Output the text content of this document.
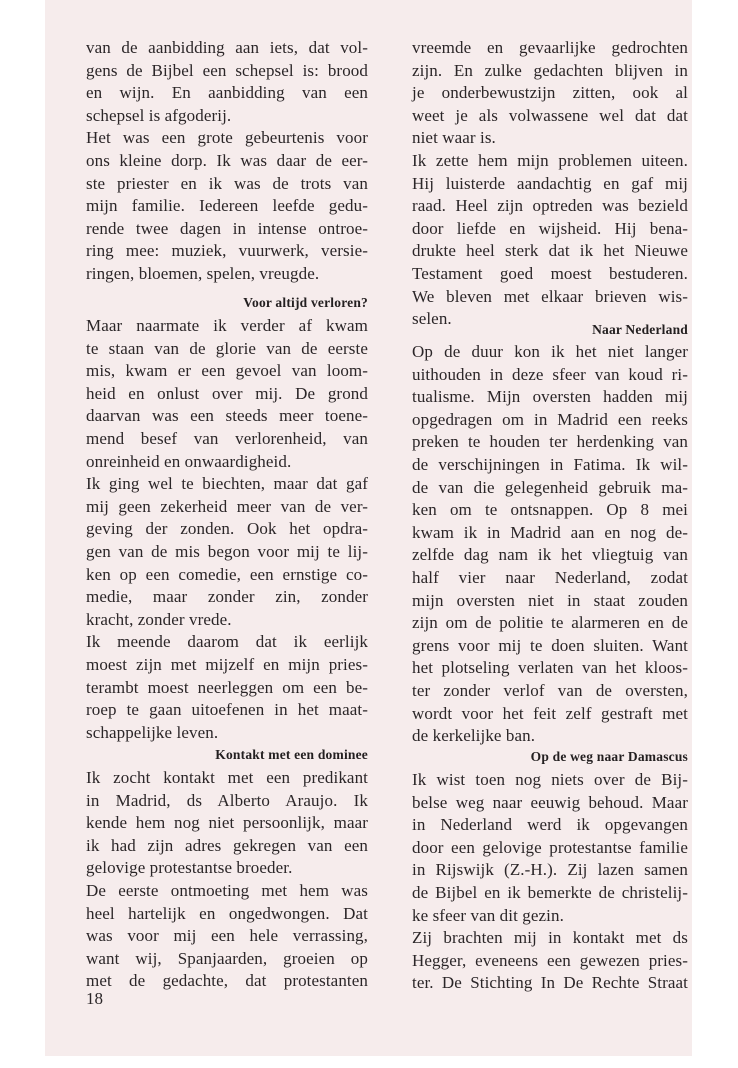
van de aanbidding aan iets, dat vol-
gens de Bijbel een schepsel is: brood
en wijn. En aanbidding van een
schepsel is afgoderij.
Het was een grote gebeurtenis voor
ons kleine dorp. Ik was daar de eer-
ste priester en ik was de trots van
mijn familie. Iedereen leefde gedu-
rende twee dagen in intense ontroe-
ring mee: muziek, vuurwerk, versie-
ringen, bloemen, spelen, vreugde.
Voor altijd verloren?
Maar naarmate ik verder af kwam
te staan van de glorie van de eerste
mis, kwam er een gevoel van loom-
heid en onlust over mij. De grond
daarvan was een steeds meer toene-
mend besef van verlorenheid, van
onreinheid en onwaardigheid.
Ik ging wel te biechten, maar dat gaf
mij geen zekerheid meer van de ver-
geving der zonden. Ook het opdra-
gen van de mis begon voor mij te lij-
ken op een comedie, een ernstige co-
medie, maar zonder zin, zonder
kracht, zonder vrede.
Ik meende daarom dat ik eerlijk
moest zijn met mijzelf en mijn pries-
terambt moest neerleggen om een be-
roep te gaan uitoefenen in het maat-
schappelijke leven.
Kontakt met een dominee
Ik zocht kontakt met een predikant
in Madrid, ds Alberto Araujo. Ik
kende hem nog niet persoonlijk, maar
ik had zijn adres gekregen van een
gelovige protestantse broeder.
De eerste ontmoeting met hem was
heel hartelijk en ongedwongen. Dat
was voor mij een hele verrassing,
want wij, Spanjaarden, groeien op
met de gedachte, dat protestanten
18
vreemde en gevaarlijke gedrochten
zijn. En zulke gedachten blijven in
je onderbewustzijn zitten, ook al
weet je als volwassene wel dat dat
niet waar is.
Ik zette hem mijn problemen uiteen.
Hij luisterde aandachtig en gaf mij
raad. Heel zijn optreden was bezield
door liefde en wijsheid. Hij bena-
drukte heel sterk dat ik het Nieuwe
Testament goed moest bestuderen.
We bleven met elkaar brieven wis-
selen.
Naar Nederland
Op de duur kon ik het niet langer
uithouden in deze sfeer van koud ri-
tualisme. Mijn oversten hadden mij
opgedragen om in Madrid een reeks
preken te houden ter herdenking van
de verschijningen in Fatima. Ik wil-
de van die gelegenheid gebruik ma-
ken om te ontsnappen. Op 8 mei
kwam ik in Madrid aan en nog de-
zelfde dag nam ik het vliegtuig van
half vier naar Nederland, zodat
mijn oversten niet in staat zouden
zijn om de politie te alarmeren en de
grens voor mij te doen sluiten. Want
het plotseling verlaten van het kloos-
ter zonder verlof van de oversten,
wordt voor het feit zelf gestraft met
de kerkelijke ban.
Op de weg naar Damascus
Ik wist toen nog niets over de Bij-
belse weg naar eeuwig behoud. Maar
in Nederland werd ik opgevangen
door een gelovige protestantse familie
in Rijswijk (Z.-H.). Zij lazen samen
de Bijbel en ik bemerkte de christelij-
ke sfeer van dit gezin.
Zij brachten mij in kontakt met ds
Hegger, eveneens een gewezen pries-
ter. De Stichting In De Rechte Straat
